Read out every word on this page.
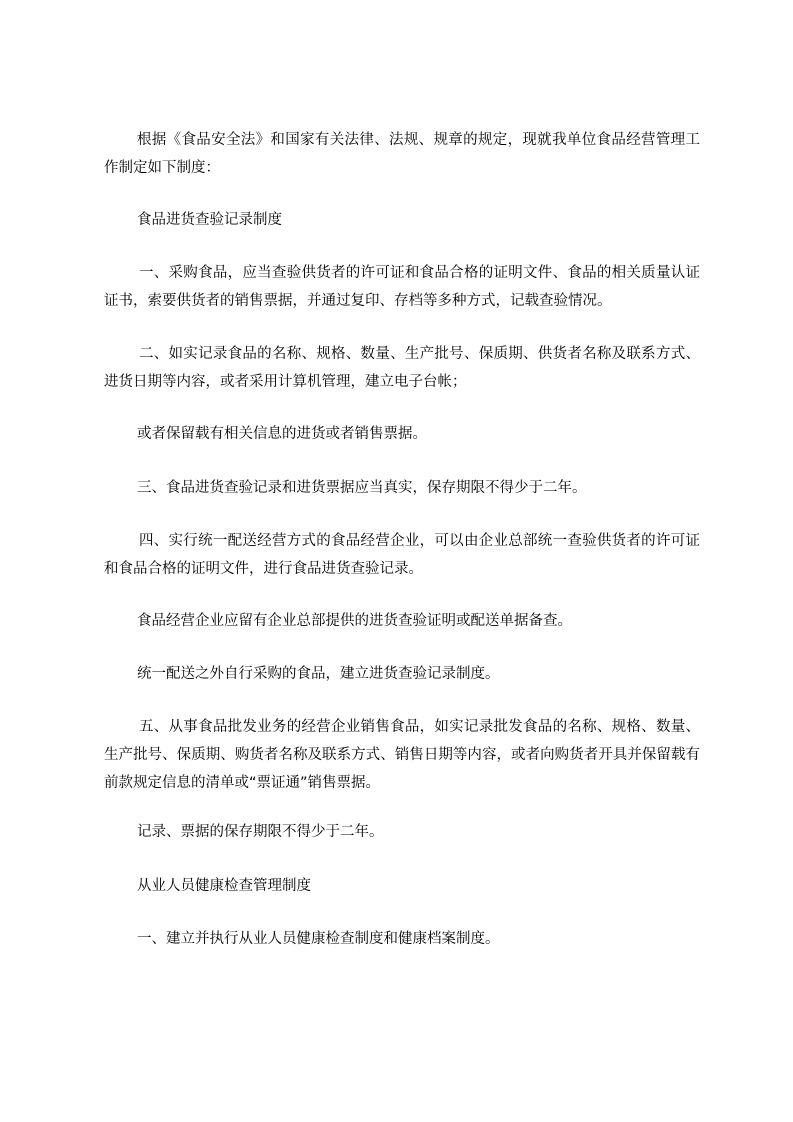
根据《食品安全法》和国家有关法律、法规、规章的规定，现就我单位食品经营管理工作制定如下制度：

食品进货查验记录制度

一、采购食品，应当查验供货者的许可证和食品合格的证明文件、食品的相关质量认证证书，索要供货者的销售票据，并通过复印、存档等多种方式，记载查验情况。

二、如实记录食品的名称、规格、数量、生产批号、保质期、供货者名称及联系方式、进货日期等内容，或者采用计算机管理，建立电子台帐；

或者保留载有相关信息的进货或者销售票据。

三、食品进货查验记录和进货票据应当真实，保存期限不得少于二年。

四、实行统一配送经营方式的食品经营企业，可以由企业总部统一查验供货者的许可证和食品合格的证明文件，进行食品进货查验记录。

食品经营企业应留有企业总部提供的进货查验证明或配送单据备查。

统一配送之外自行采购的食品，建立进货查验记录制度。

五、从事食品批发业务的经营企业销售食品，如实记录批发食品的名称、规格、数量、生产批号、保质期、购货者名称及联系方式、销售日期等内容，或者向购货者开具并保留载有前款规定信息的清单或“票证通”销售票据。

记录、票据的保存期限不得少于二年。

从业人员健康检查管理制度

一、建立并执行从业人员健康检查制度和健康档案制度。
